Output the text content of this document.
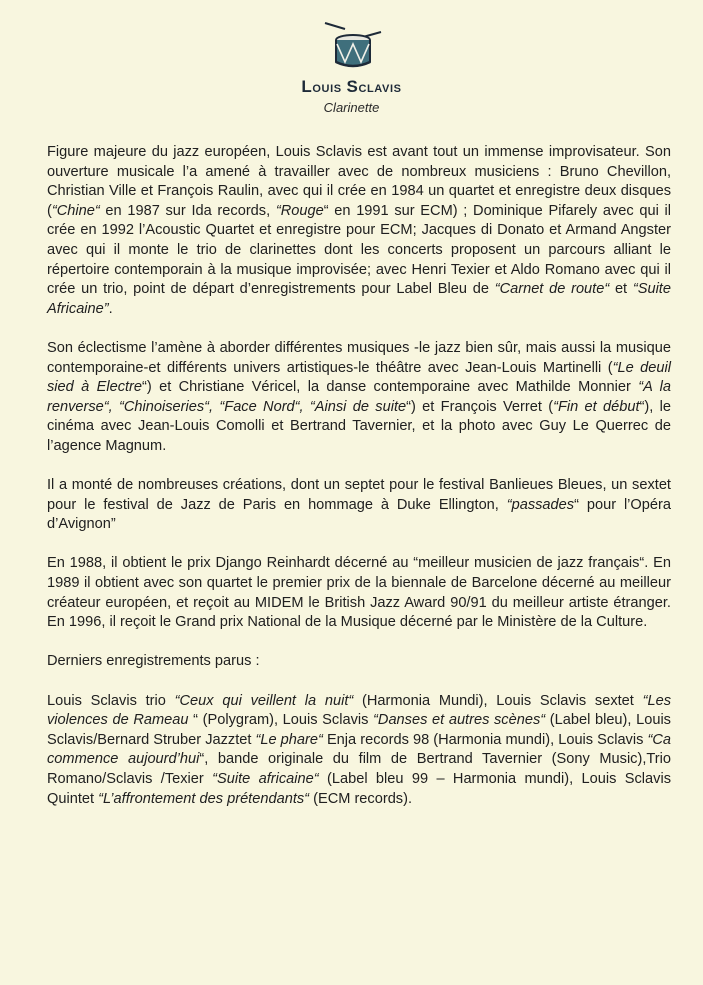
Louis Sclavis
Clarinette

Figure majeure du jazz européen, Louis Sclavis est avant tout un immense improvisateur. Son ouverture musicale l’a amené à travailler avec de nombreux musiciens : Bruno Chevillon, Christian Ville et François Raulin, avec qui il crée en 1984 un quartet et enregistre deux disques (“Chine“ en 1987 sur Ida records, “Rouge“ en 1991 sur ECM) ; Dominique Pifarely avec qui il crée en 1992 l’Acoustic Quartet et enregistre pour ECM; Jacques di Donato et Armand Angster avec qui il monte le trio de clarinettes dont les concerts proposent un parcours alliant le répertoire contemporain à la musique improvisée; avec Henri Texier et Aldo Romano avec qui il crée un trio, point de départ d’enregistrements pour Label Bleu de “Carnet de route“ et “Suite Africaine”.

Son éclectisme l’amène à aborder différentes musiques -le jazz bien sûr, mais aussi la musique contemporaine-et différents univers artistiques-le théâtre avec Jean-Louis Martinelli (“Le deuil sied à Electre“) et Christiane Véricel, la danse contemporaine avec Mathilde Monnier “A la renverse“, “Chinoiseries“, “Face Nord“, “Ainsi de suite“) et François Verret (“Fin et début“), le cinéma avec Jean-Louis Comolli et Bertrand Tavernier, et la photo avec Guy Le Querrec de l’agence Magnum.

Il a monté de nombreuses créations, dont un septet pour le festival Banlieues Bleues, un sextet pour le festival de Jazz de Paris en hommage à Duke Ellington, “passades“ pour l’Opéra d’Avignon”

En 1988, il obtient le prix Django Reinhardt décerné au “meilleur musicien de jazz français“. En 1989 il obtient avec son quartet le premier prix de la biennale de Barcelone décerné au meilleur créateur européen, et reçoit au MIDEM le British Jazz Award 90/91 du meilleur artiste étranger. En 1996, il reçoit le Grand prix National de la Musique décerné par le Ministère de la Culture.

Derniers enregistrements parus :

Louis Sclavis trio “Ceux qui veillent la nuit“ (Harmonia Mundi), Louis Sclavis sextet “Les violences de Rameau “ (Polygram), Louis Sclavis “Danses et autres scènes“ (Label bleu), Louis Sclavis/Bernard Struber Jazztet “Le phare“ Enja records 98 (Harmonia mundi), Louis Sclavis “Ca commence aujourd’hui“, bande originale du film de Bertrand Tavernier (Sony Music),Trio Romano/Sclavis /Texier “Suite africaine“ (Label bleu 99 – Harmonia mundi), Louis Sclavis Quintet “L’affrontement des prétendants“ (ECM records).
